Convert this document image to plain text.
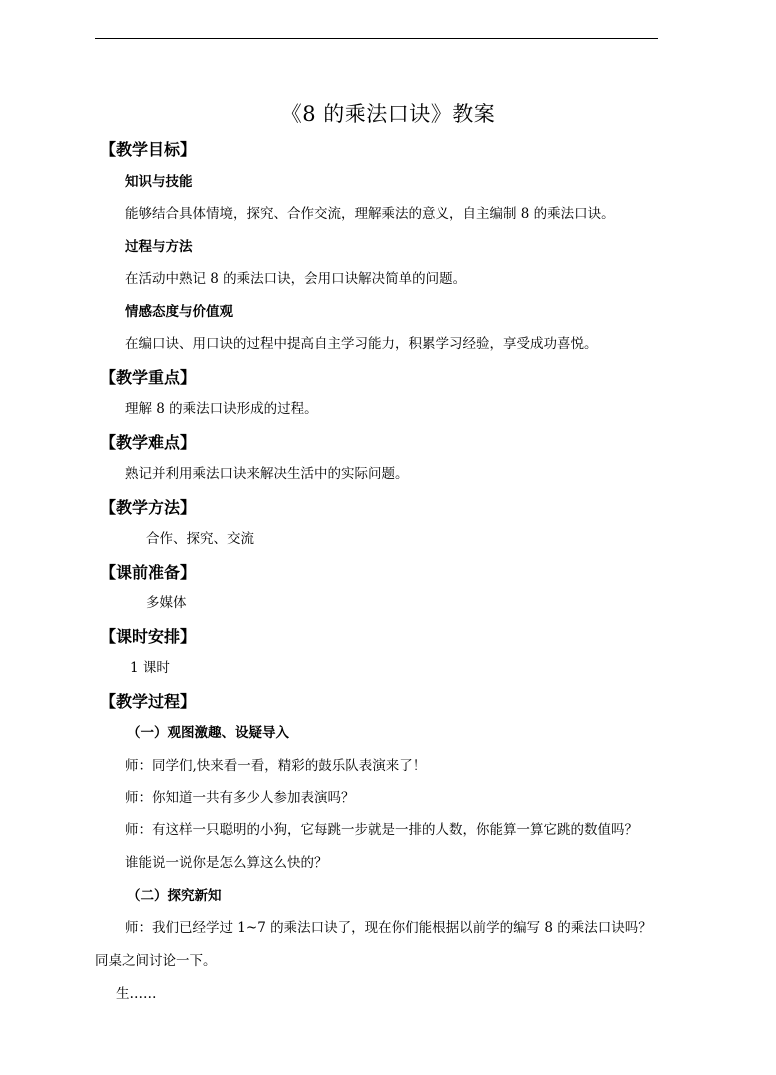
《8 的乘法口诀》教案
【教学目标】
知识与技能
能够结合具体情境，探究、合作交流，理解乘法的意义，自主编制 8 的乘法口诀。
过程与方法
在活动中熟记 8 的乘法口诀，会用口诀解决简单的问题。
情感态度与价值观
在编口诀、用口诀的过程中提高自主学习能力，积累学习经验，享受成功喜悦。
【教学重点】
理解 8 的乘法口诀形成的过程。
【教学难点】
熟记并利用乘法口诀来解决生活中的实际问题。
【教学方法】
合作、探究、交流
【课前准备】
多媒体
【课时安排】
1 课时
【教学过程】
（一）观图激趣、设疑导入
师：同学们,快来看一看，精彩的鼓乐队表演来了！
师：你知道一共有多少人参加表演吗？
师：有这样一只聪明的小狗，它每跳一步就是一排的人数，你能算一算它跳的数值吗？
谁能说一说你是怎么算这么快的？
（二）探究新知
师：我们已经学过 1~7 的乘法口诀了，现在你们能根据以前学的编写 8 的乘法口诀吗？
同桌之间讨论一下。
生……
